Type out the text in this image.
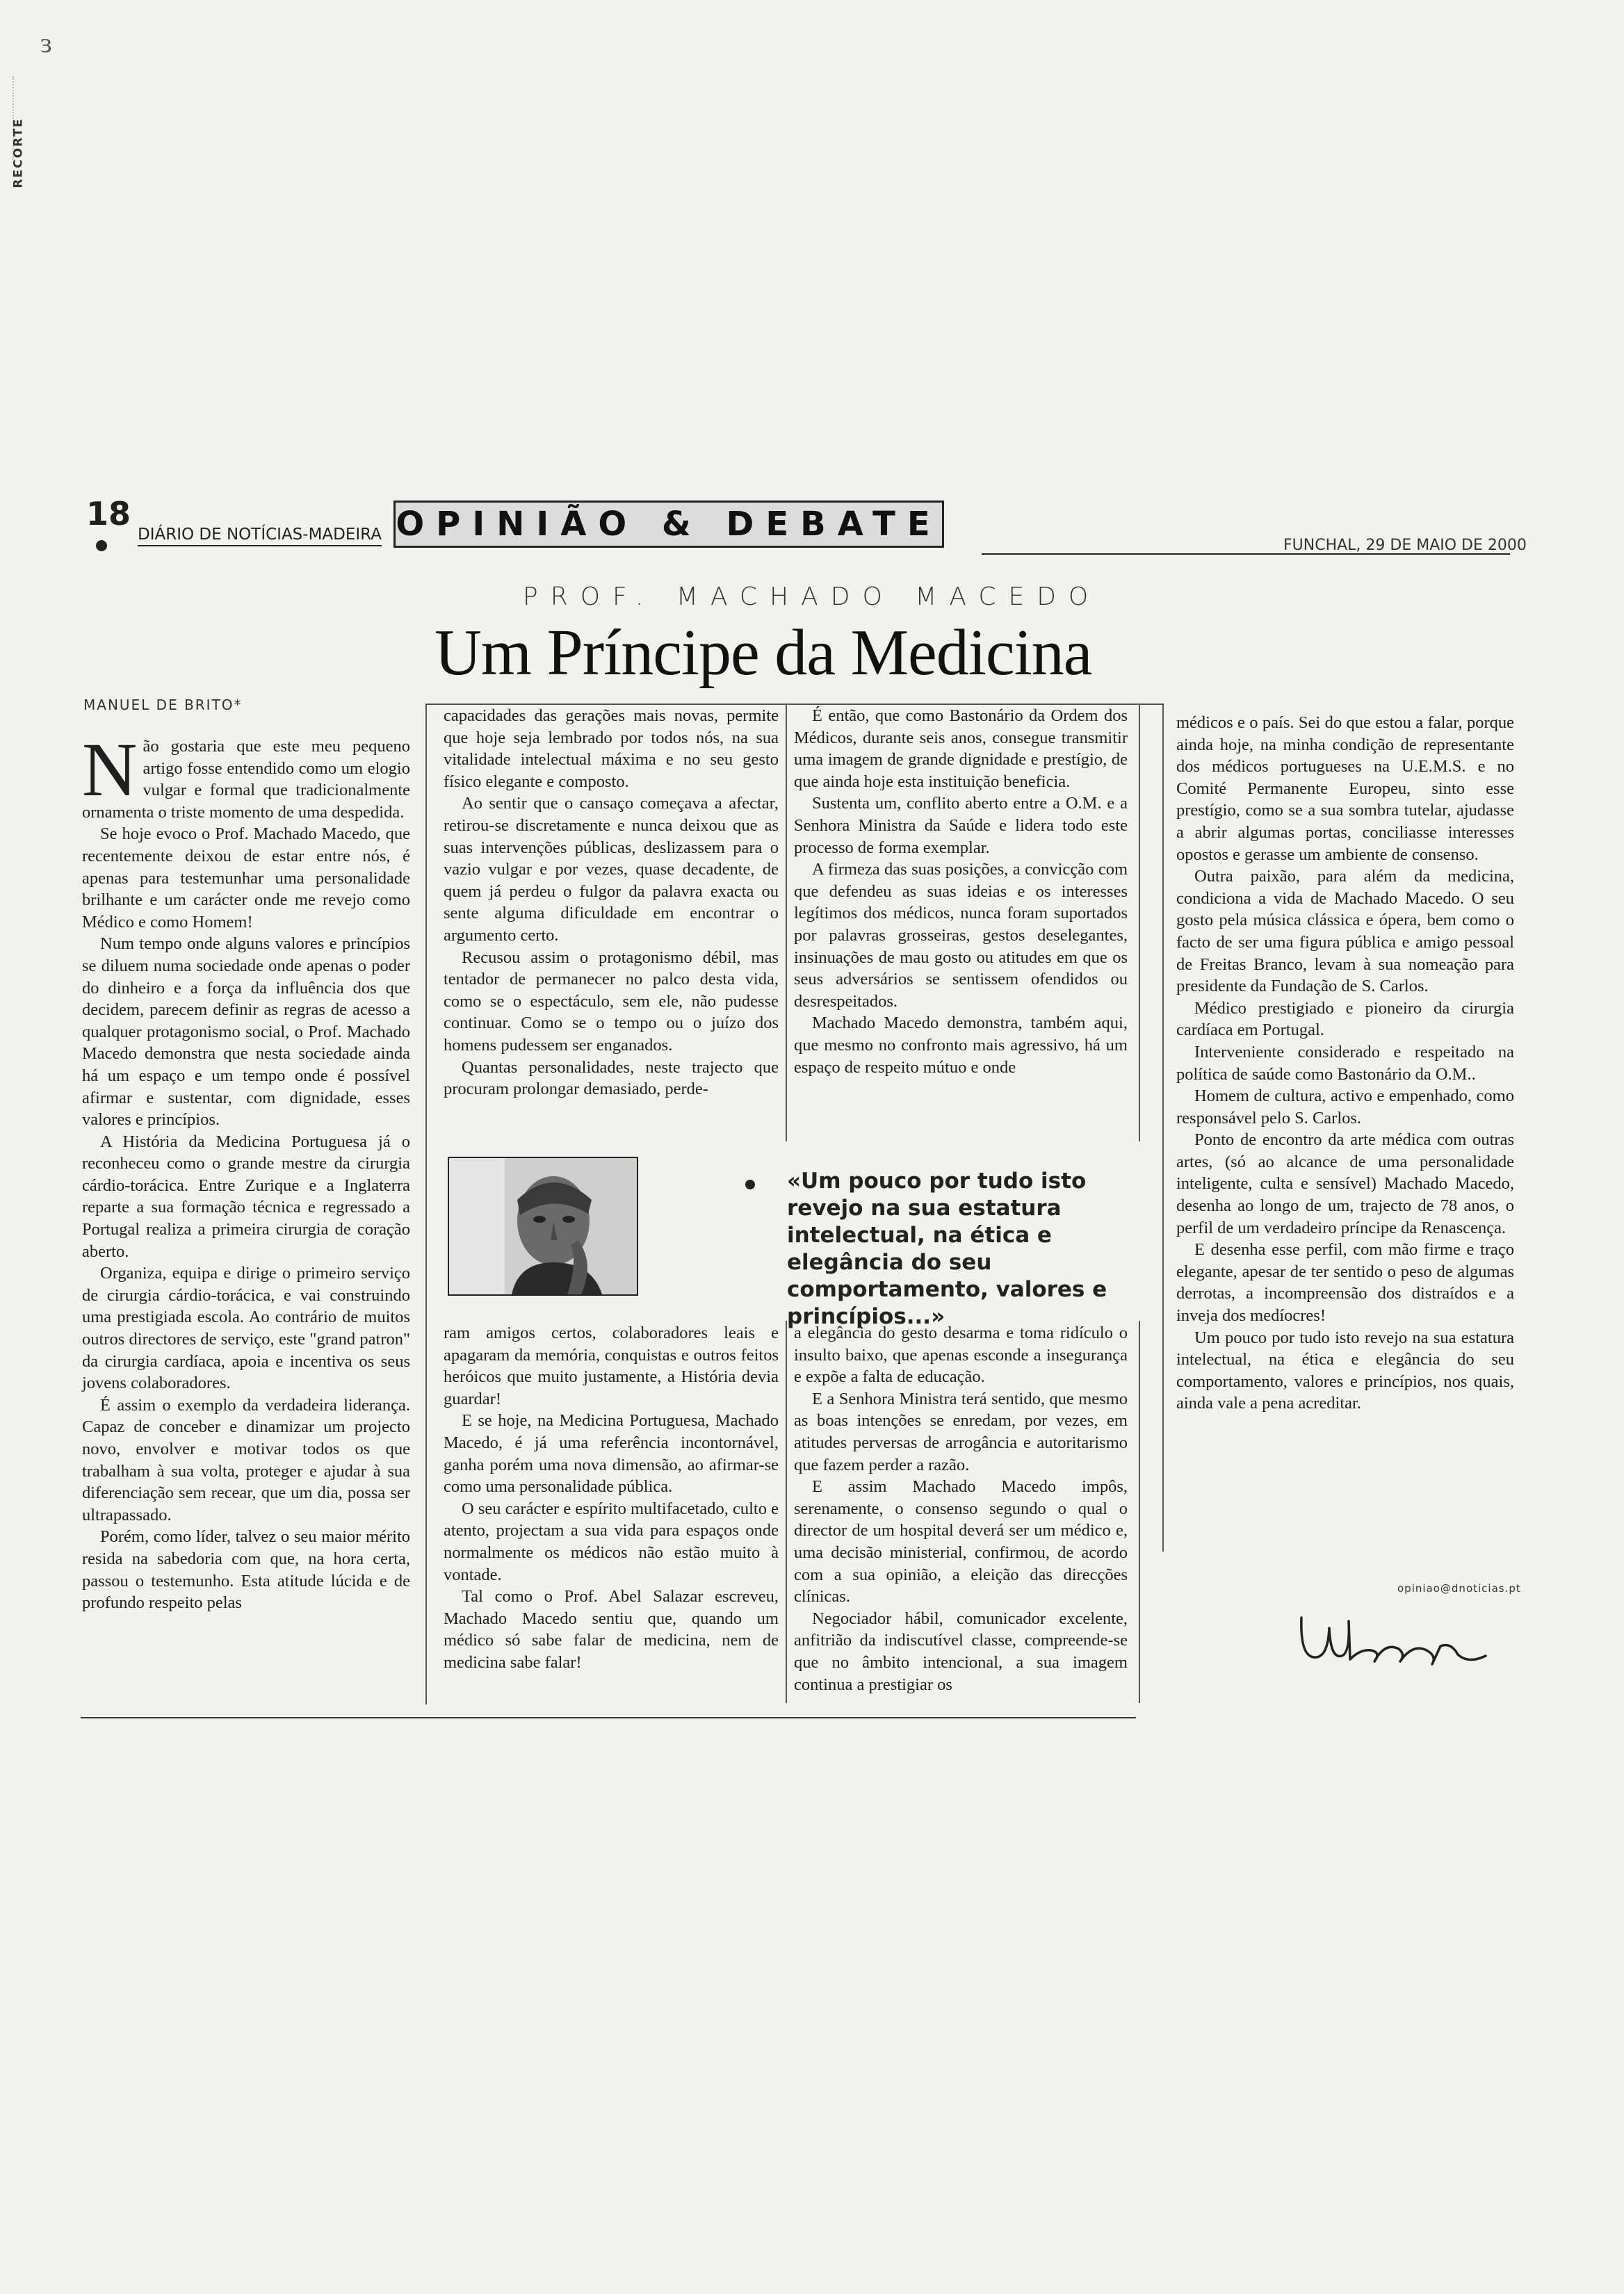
ɜ
RECORTE
18
DIÁRIO DE NOTÍCIAS-MADEIRA OPINIÃO & DEBATE
FUNCHAL, 29 DE MAIO DE 2000
PROF. MACHADO MACEDO
Um Príncipe da Medicina
MANUEL DE BRITO*

Não gostaria que este meu pequeno artigo fosse entendido como um elogio vulgar e formal que tradicionalmente ornamenta o triste momento de uma despedida.

Se hoje evoco o Prof. Machado Macedo, que recentemente deixou de estar entre nós, é apenas para testemunhar uma personalidade brilhante e um carácter onde me revejo como Médico e como Homem!

Num tempo onde alguns valores e princípios se diluem numa sociedade onde apenas o poder do dinheiro e a força da influência dos que decidem, parecem definir as regras de acesso a qualquer protagonismo social, o Prof. Machado Macedo demonstra que nesta sociedade ainda há um espaço e um tempo onde é possível afirmar e sustentar, com dignidade, esses valores e princípios.

A História da Medicina Portuguesa já o reconheceu como o grande mestre da cirurgia cárdio-torácica. Entre Zurique e a Inglaterra reparte a sua formação técnica e regressado a Portugal realiza a primeira cirurgia de coração aberto.

Organiza, equipa e dirige o primeiro serviço de cirurgia cárdio-torácica, e vai construindo uma prestigiada escola. Ao contrário de muitos outros directores de serviço, este "grand patron" da cirurgia cardíaca, apoia e incentiva os seus jovens colaboradores.

É assim o exemplo da verdadeira liderança. Capaz de conceber e dinamizar um projecto novo, envolver e motivar todos os que trabalham à sua volta, proteger e ajudar à sua diferenciação sem recear, que um dia, possa ser ultrapassado.

Porém, como líder, talvez o seu maior mérito resida na sabedoria com que, na hora certa, passou o testemunho. Esta atitude lúcida e de profundo respeito pelas

capacidades das gerações mais novas, permite que hoje seja lembrado por todos nós, na sua vitalidade intelectual máxima e no seu gesto físico elegante e composto.

Ao sentir que o cansaço começava a afectar, retirou-se discretamente e nunca deixou que as suas intervenções públicas, deslizassem para o vazio vulgar e por vezes, quase decadente, de quem já perdeu o fulgor da palavra exacta ou sente alguma dificuldade em encontrar o argumento certo.

Recusou assim o protagonismo débil, mas tentador de permanecer no palco desta vida, como se o espectáculo, sem ele, não pudesse continuar. Como se o tempo ou o juízo dos homens pudessem ser enganados.

Quantas personalidades, neste trajecto que procuram prolongar demasiado, perde-

É então, que como Bastonário da Ordem dos Médicos, durante seis anos, consegue transmitir uma imagem de grande dignidade e prestígio, de que ainda hoje esta instituição beneficia.

Sustenta um, conflito aberto entre a O.M. e a Senhora Ministra da Saúde e lidera todo este processo de forma exemplar.

A firmeza das suas posições, a convicção com que defendeu as suas ideias e os interesses legítimos dos médicos, nunca foram suportados por palavras grosseiras, gestos deselegantes, insinuações de mau gosto ou atitudes em que os seus adversários se sentissem ofendidos ou desrespeitados.

Machado Macedo demonstra, também aqui, que mesmo no confronto mais agressivo, há um espaço de respeito mútuo e onde

«Um pouco por tudo isto revejo na sua estatura intelectual, na ética e elegância do seu comportamento, valores e princípios...»

ram amigos certos, colaboradores leais e apagaram da memória, conquistas e outros feitos heróicos que muito justamente, a História devia guardar!

E se hoje, na Medicina Portuguesa, Machado Macedo, é já uma referência incontornável, ganha porém uma nova dimensão, ao afirmar-se como uma personalidade pública.

O seu carácter e espírito multifacetado, culto e atento, projectam a sua vida para espaços onde normalmente os médicos não estão muito à vontade.

Tal como o Prof. Abel Salazar escreveu, Machado Macedo sentiu que, quando um médico só sabe falar de medicina, nem de medicina sabe falar!

a elegância do gesto desarma e toma ridículo o insulto baixo, que apenas esconde a insegurança e expõe a falta de educação.

E a Senhora Ministra terá sentido, que mesmo as boas intenções se enredam, por vezes, em atitudes perversas de arrogância e autoritarismo que fazem perder a razão.

E assim Machado Macedo impôs, serenamente, o consenso segundo o qual o director de um hospital deverá ser um médico e, uma decisão ministerial, confirmou, de acordo com a sua opinião, a eleição das direcções clínicas.

Negociador hábil, comunicador excelente, anfitrião da indiscutível classe, compreende-se que no âmbito intencional, a sua imagem continua a prestigiar os

médicos e o país. Sei do que estou a falar, porque ainda hoje, na minha condição de representante dos médicos portugueses na U.E.M.S. e no Comité Permanente Europeu, sinto esse prestígio, como se a sua sombra tutelar, ajudasse a abrir algumas portas, conciliasse interesses opostos e gerasse um ambiente de consenso.

Outra paixão, para além da medicina, condiciona a vida de Machado Macedo. O seu gosto pela música clássica e ópera, bem como o facto de ser uma figura pública e amigo pessoal de Freitas Branco, levam à sua nomeação para presidente da Fundação de S. Carlos.

Médico prestigiado e pioneiro da cirurgia cardíaca em Portugal.

Interveniente considerado e respeitado na política de saúde como Bastonário da O.M..

Homem de cultura, activo e empenhado, como responsável pelo S. Carlos.

Ponto de encontro da arte médica com outras artes, (só ao alcance de uma personalidade inteligente, culta e sensível) Machado Macedo, desenha ao longo de um, trajecto de 78 anos, o perfil de um verdadeiro príncipe da Renascença.

E desenha esse perfil, com mão firme e traço elegante, apesar de ter sentido o peso de algumas derrotas, a incompreensão dos distraídos e a inveja dos medíocres!

Um pouco por tudo isto revejo na sua estatura intelectual, na ética e elegância do seu comportamento, valores e princípios, nos quais, ainda vale a pena acreditar.

opiniao@dnoticias.pt
